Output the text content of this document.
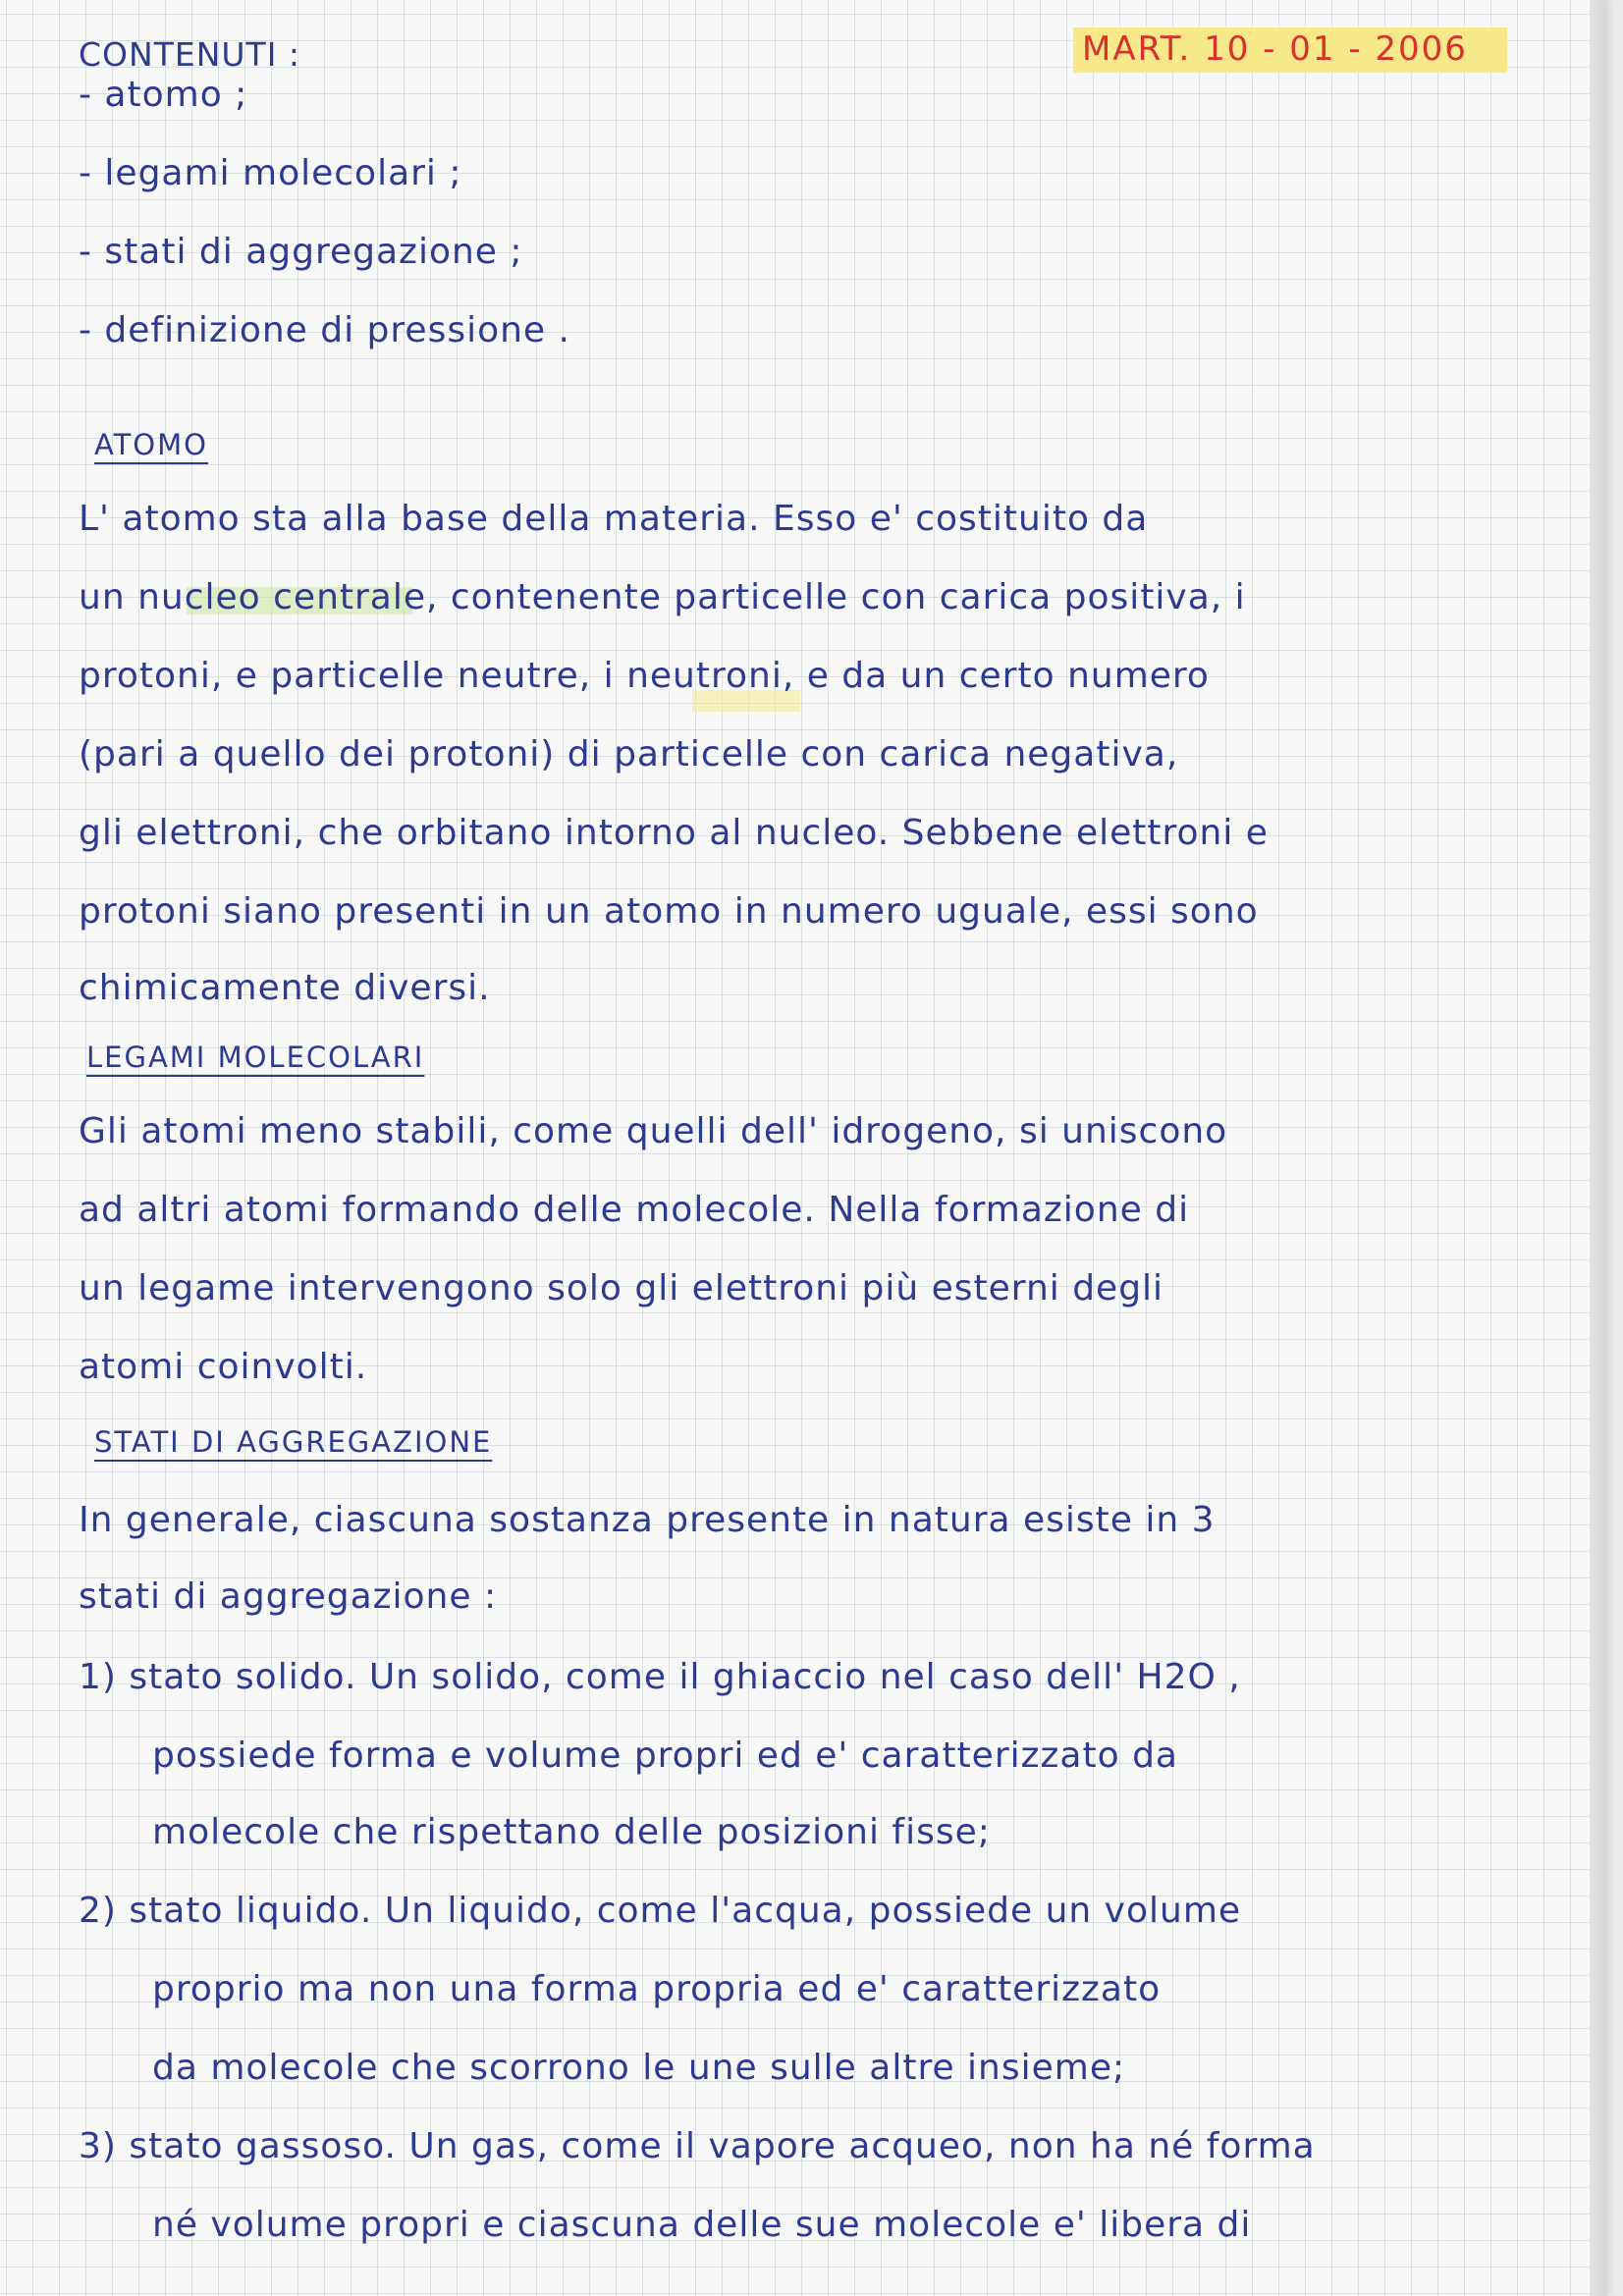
MART. 10 - 01 - 2006
CONTENUTI :
- atomo ;
- legami molecolari ;
- stati di aggregazione ;
- definizione di pressione .
ATOMO
L' atomo sta alla base della materia. Esso e' costituito da
un nucleo centrale, contenente particelle con carica positiva, i
protoni, e particelle neutre, i neutroni, e da un certo numero
(pari a quello dei protoni) di particelle con carica negativa,
gli elettroni, che orbitano intorno al nucleo. Sebbene elettroni e
protoni siano presenti in un atomo in numero uguale, essi sono
chimicamente diversi.
LEGAMI MOLECOLARI
Gli atomi meno stabili, come quelli dell' idrogeno, si uniscono
ad altri atomi formando delle molecole. Nella formazione di
un legame intervengono solo gli elettroni più esterni degli
atomi coinvolti.
STATI DI AGGREGAZIONE
In generale, ciascuna sostanza presente in natura esiste in 3
stati di aggregazione :
1) stato solido. Un solido, come il ghiaccio nel caso dell' H2O ,
possiede forma e volume propri ed e' caratterizzato da
molecole che rispettano delle posizioni fisse;
2) stato liquido. Un liquido, come l'acqua, possiede un volume
proprio ma non una forma propria ed e' caratterizzato
da molecole che scorrono le une sulle altre insieme;
3) stato gassoso. Un gas, come il vapore acqueo, non ha né forma
né volume propri e ciascuna delle sue molecole e' libera di
